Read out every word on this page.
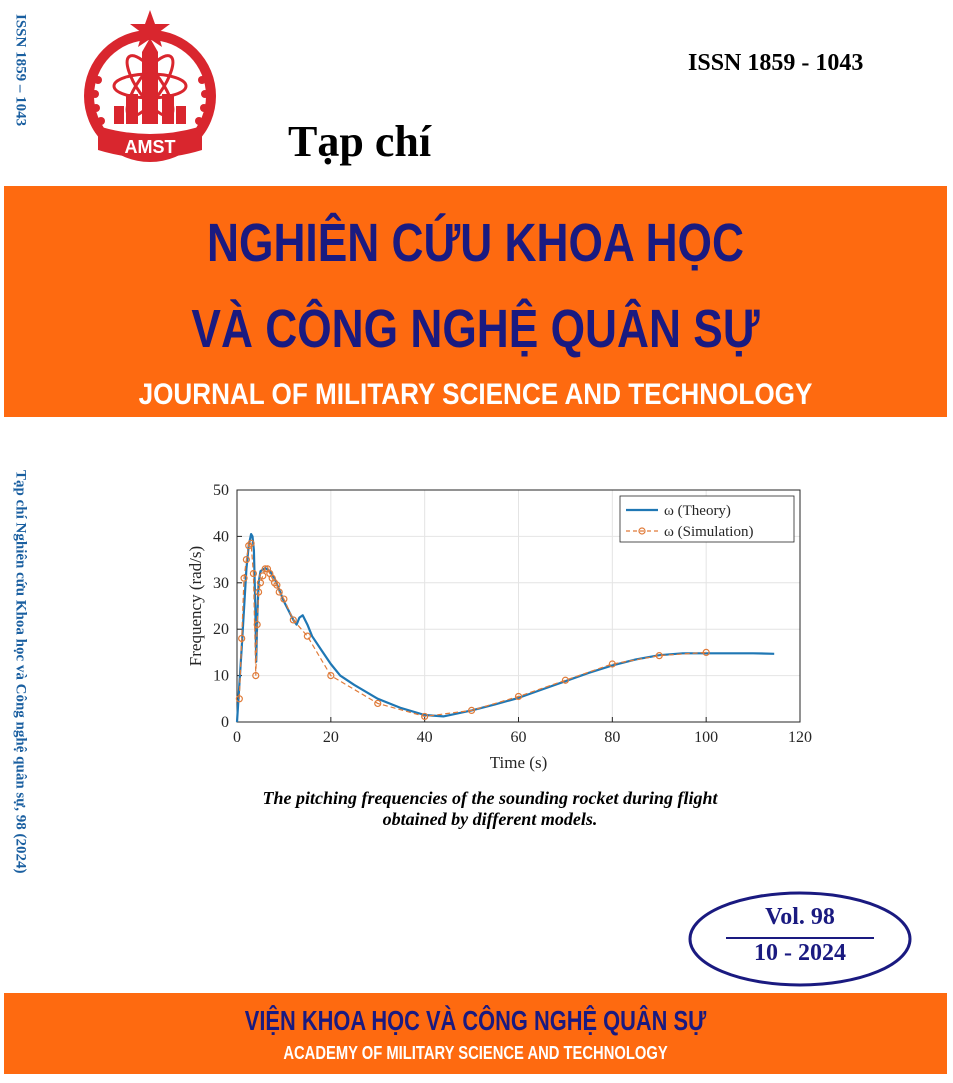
ISSN 1859 – 1043
Tạp chí Nghiên cứu Khoa học và Công nghệ quân sự, 98 (2024)
AMST
ISSN 1859 - 1043
Tạp chí
NGHIÊN CỨU KHOA HỌC
VÀ CÔNG NGHỆ QUÂN SỰ
JOURNAL OF MILITARY SCIENCE AND TECHNOLOGY
0	20	40	60	80	100	120
0
10
20
30
40
50
Time (s)
Frequency (rad/s)
ω (Theory)
ω (Simulation)
The pitching frequencies of the sounding rocket during flight
obtained by different models.
Vol. 98
10 - 2024
VIỆN KHOA HỌC VÀ CÔNG NGHỆ QUÂN SỰ
ACADEMY OF MILITARY SCIENCE AND TECHNOLOGY
